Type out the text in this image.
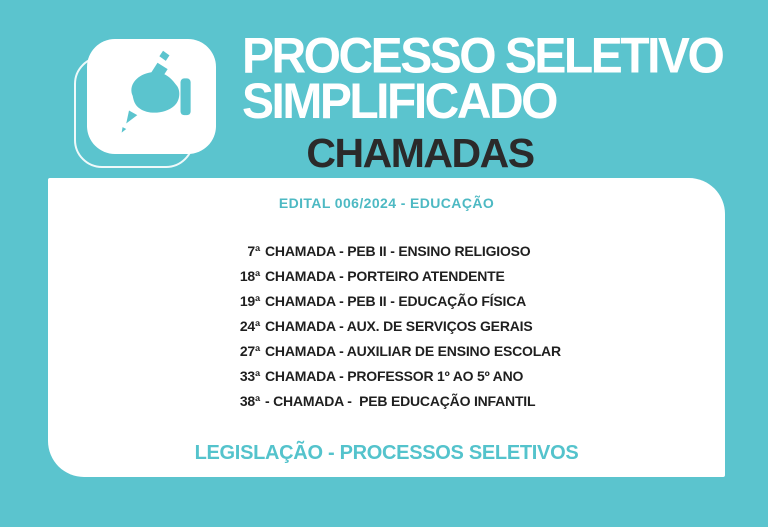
PROCESSO SELETIVO
SIMPLIFICADO
CHAMADAS
EDITAL 006/2024 - EDUCAÇÃO
7ª CHAMADA - PEB II - ENSINO RELIGIOSO
18ª CHAMADA - PORTEIRO ATENDENTE
19ª CHAMADA - PEB II - EDUCAÇÃO FÍSICA
24ª CHAMADA - AUX. DE SERVIÇOS GERAIS
27ª CHAMADA - AUXILIAR DE ENSINO ESCOLAR
33ª CHAMADA - PROFESSOR 1º AO 5º ANO
38ª - CHAMADA -  PEB EDUCAÇÃO INFANTIL
LEGISLAÇÃO - PROCESSOS SELETIVOS
